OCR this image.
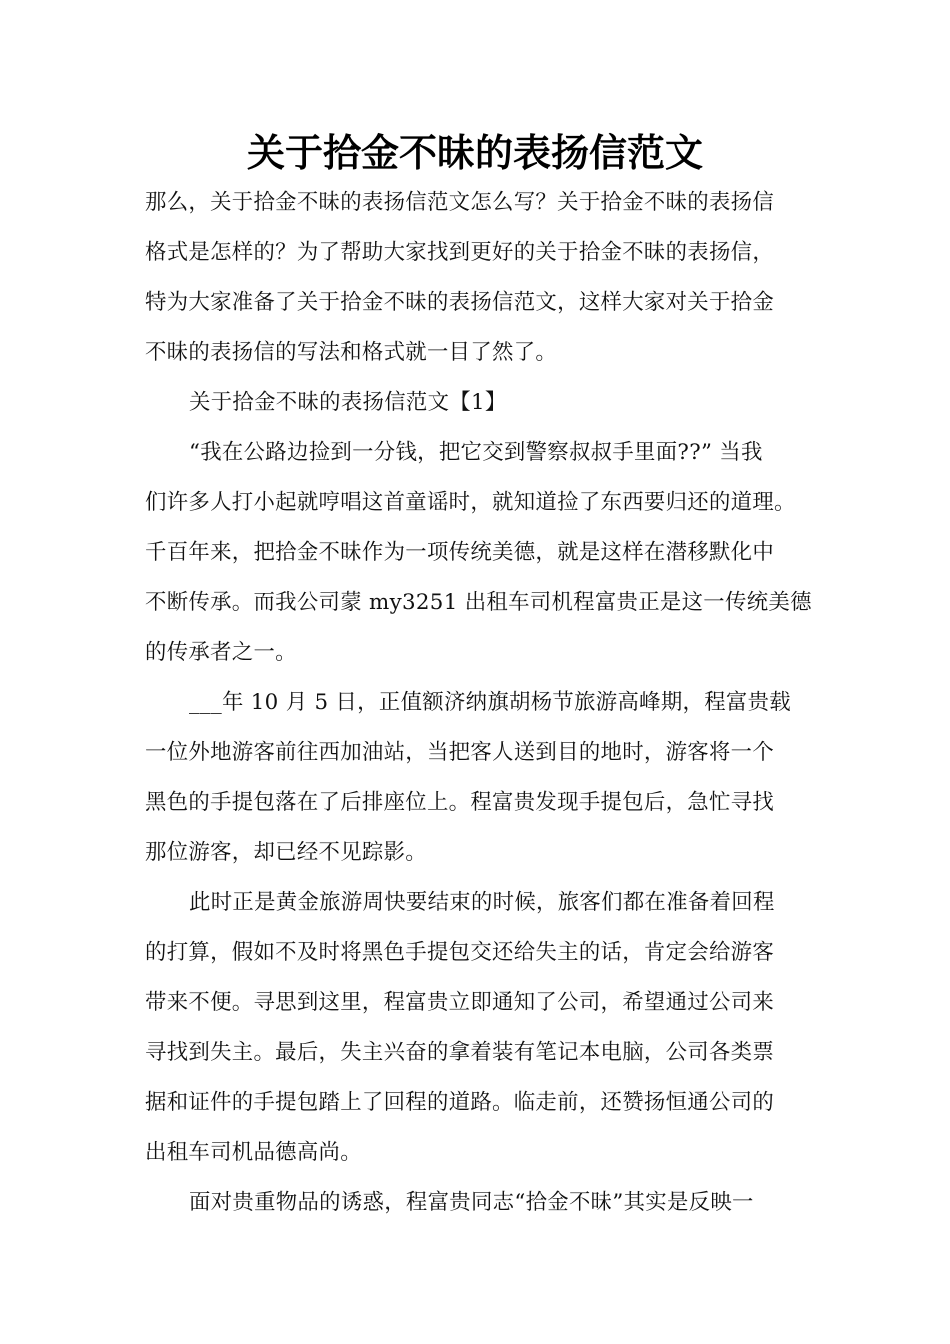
关于拾金不昧的表扬信范文
那么，关于拾金不昧的表扬信范文怎么写？关于拾金不昧的表扬信
格式是怎样的？为了帮助大家找到更好的关于拾金不昧的表扬信，
特为大家准备了关于拾金不昧的表扬信范文，这样大家对关于拾金
不昧的表扬信的写法和格式就一目了然了。
关于拾金不昧的表扬信范文【1】
“我在公路边捡到一分钱，把它交到警察叔叔手里面??” 当我
们许多人打小起就哼唱这首童谣时，就知道捡了东西要归还的道理。
千百年来，把拾金不昧作为一项传统美德，就是这样在潜移默化中
不断传承。而我公司蒙 my3251 出租车司机程富贵正是这一传统美德
的传承者之一。
___年 10 月 5 日，正值额济纳旗胡杨节旅游高峰期，程富贵载
一位外地游客前往西加油站，当把客人送到目的地时，游客将一个
黑色的手提包落在了后排座位上。程富贵发现手提包后，急忙寻找
那位游客，却已经不见踪影。
此时正是黄金旅游周快要结束的时候，旅客们都在准备着回程
的打算，假如不及时将黑色手提包交还给失主的话，肯定会给游客
带来不便。寻思到这里，程富贵立即通知了公司，希望通过公司来
寻找到失主。最后，失主兴奋的拿着装有笔记本电脑，公司各类票
据和证件的手提包踏上了回程的道路。临走前，还赞扬恒通公司的
出租车司机品德高尚。
面对贵重物品的诱惑，程富贵同志“拾金不昧”其实是反映一
